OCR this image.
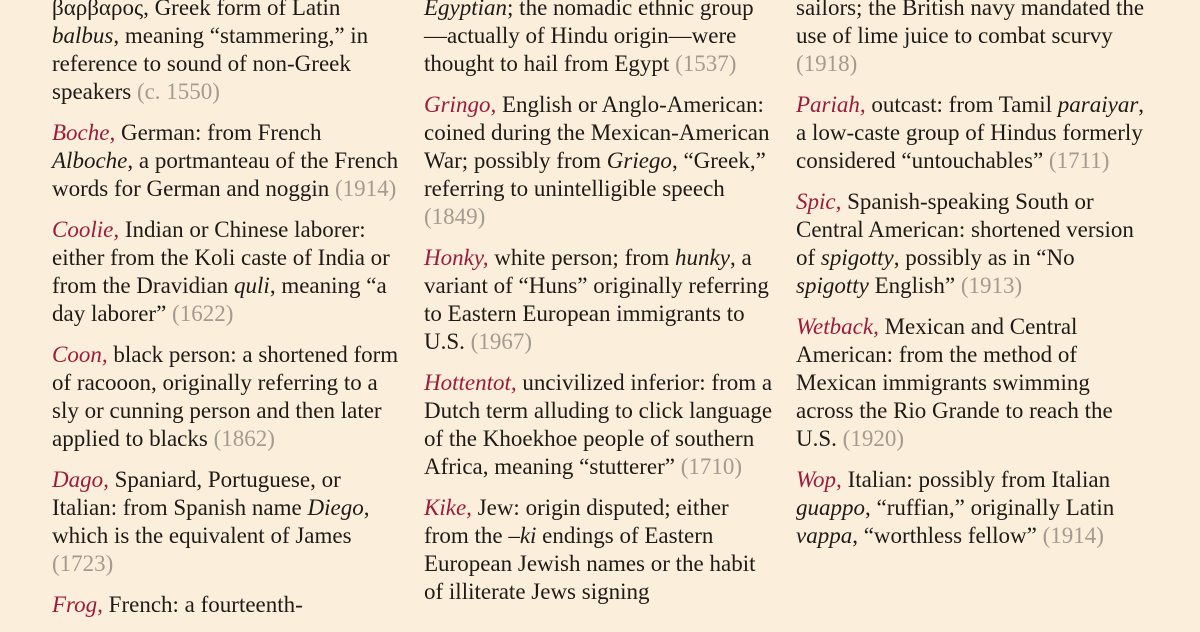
βαρβαρος, Greek form of Latin balbus, meaning “stammering,” in reference to sound of non-Greek speakers (c. 1550)
Boche, German: from French Alboche, a portmanteau of the French words for German and noggin (1914)
Coolie, Indian or Chinese laborer: either from the Koli caste of India or from the Dravidian quli, meaning “a day laborer” (1622)
Coon, black person: a shortened form of racooon, originally referring to a sly or cunning person and then later applied to blacks (1862)
Dago, Spaniard, Portuguese, or Italian: from Spanish name Diego, which is the equivalent of James (1723)
Frog, French: a fourteenth-
Egyptian; the nomadic ethnic group—actually of Hindu origin—were thought to hail from Egypt (1537)
Gringo, English or Anglo-American: coined during the Mexican-American War; possibly from Griego, “Greek,” referring to unintelligible speech (1849)
Honky, white person; from hunky, a variant of “Huns” originally referring to Eastern European immigrants to U.S. (1967)
Hottentot, uncivilized inferior: from a Dutch term alluding to click language of the Khoekhoe people of southern Africa, meaning “stutterer” (1710)
Kike, Jew: origin disputed; either from the –ki endings of Eastern European Jewish names or the habit of illiterate Jews signing
sailors; the British navy mandated the use of lime juice to combat scurvy (1918)
Pariah, outcast: from Tamil paraiyar, a low-caste group of Hindus formerly considered “untouchables” (1711)
Spic, Spanish-speaking South or Central American: shortened version of spigotty, possibly as in “No spigotty English” (1913)
Wetback, Mexican and Central American: from the method of Mexican immigrants swimming across the Rio Grande to reach the U.S. (1920)
Wop, Italian: possibly from Italian guappo, “ruffian,” originally Latin vappa, “worthless fellow” (1914)
